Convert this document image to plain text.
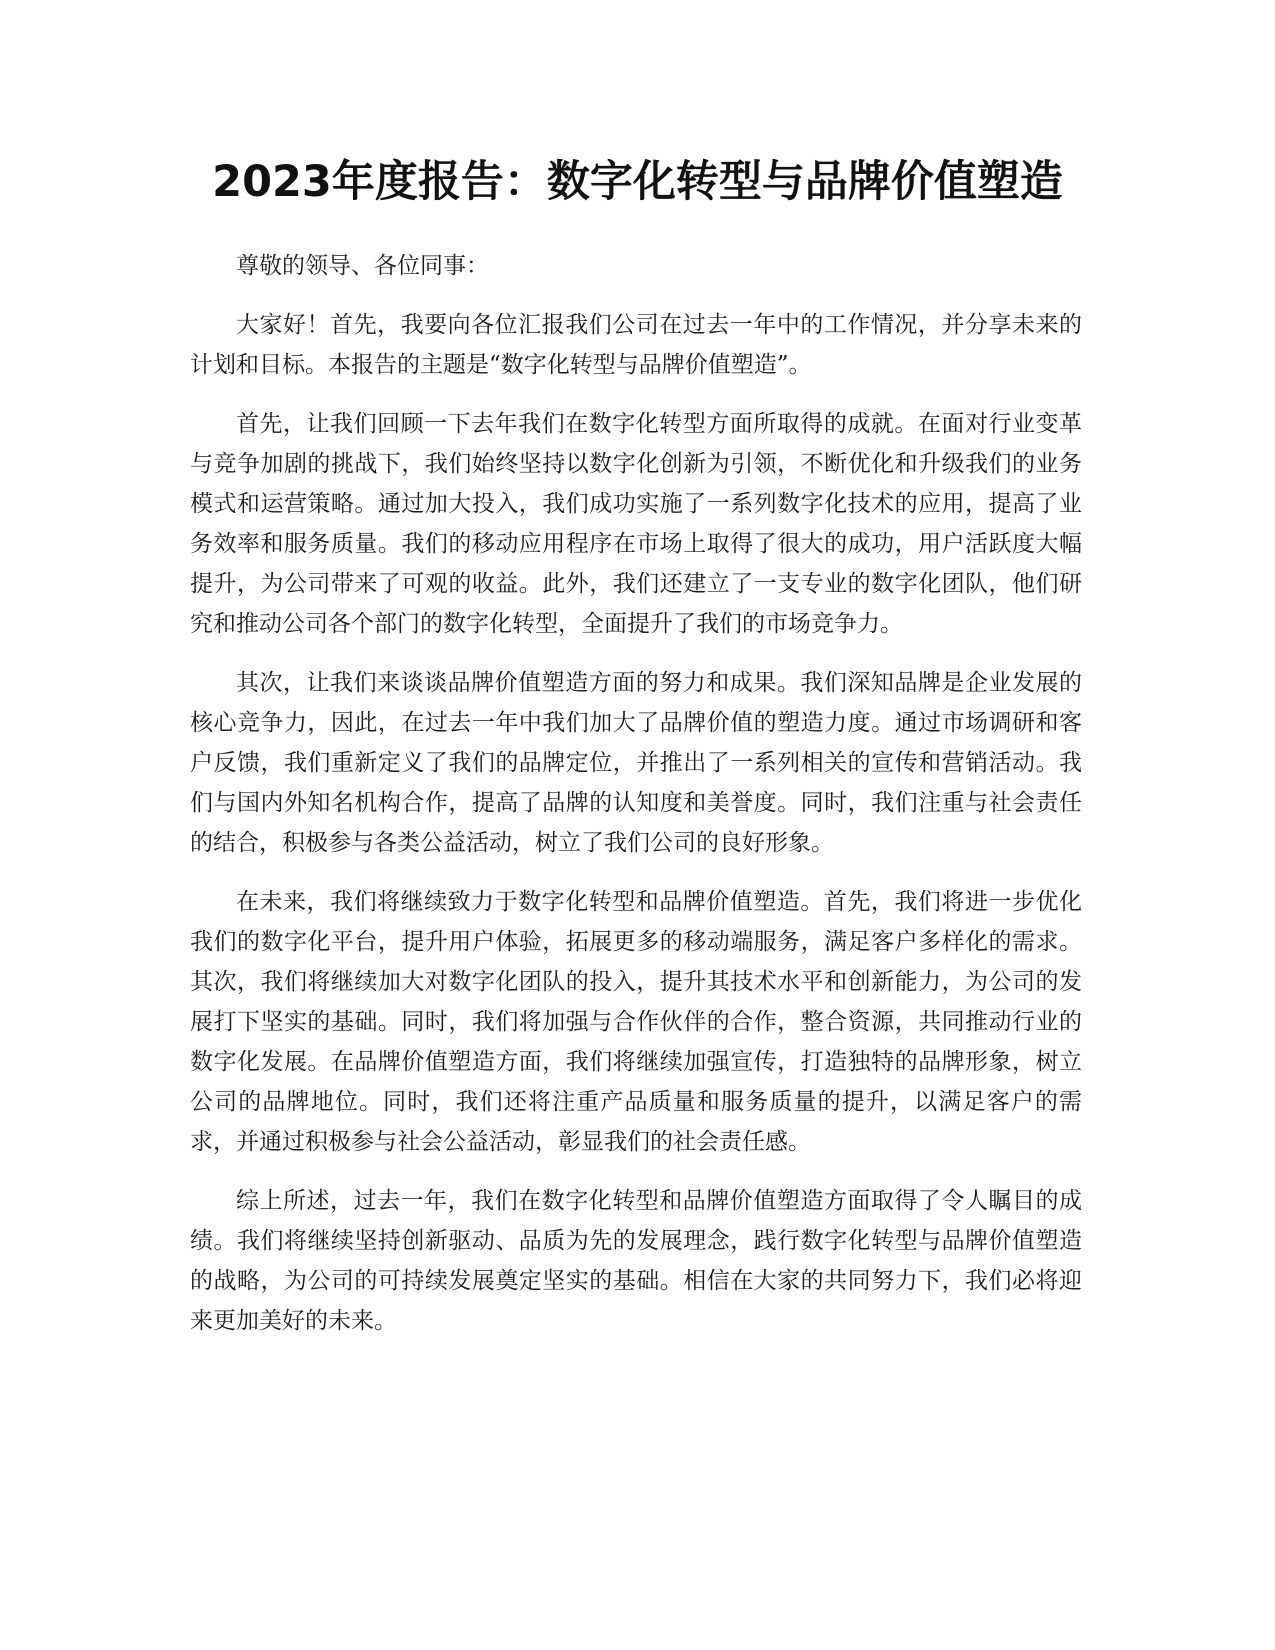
2023年度报告：数字化转型与品牌价值塑造

尊敬的领导、各位同事：

大家好！首先，我要向各位汇报我们公司在过去一年中的工作情况，并分享未来的计划和目标。本报告的主题是“数字化转型与品牌价值塑造”。

首先，让我们回顾一下去年我们在数字化转型方面所取得的成就。在面对行业变革与竞争加剧的挑战下，我们始终坚持以数字化创新为引领，不断优化和升级我们的业务模式和运营策略。通过加大投入，我们成功实施了一系列数字化技术的应用，提高了业务效率和服务质量。我们的移动应用程序在市场上取得了很大的成功，用户活跃度大幅提升，为公司带来了可观的收益。此外，我们还建立了一支专业的数字化团队，他们研究和推动公司各个部门的数字化转型，全面提升了我们的市场竞争力。

其次，让我们来谈谈品牌价值塑造方面的努力和成果。我们深知品牌是企业发展的核心竞争力，因此，在过去一年中我们加大了品牌价值的塑造力度。通过市场调研和客户反馈，我们重新定义了我们的品牌定位，并推出了一系列相关的宣传和营销活动。我们与国内外知名机构合作，提高了品牌的认知度和美誉度。同时，我们注重与社会责任的结合，积极参与各类公益活动，树立了我们公司的良好形象。

在未来，我们将继续致力于数字化转型和品牌价值塑造。首先，我们将进一步优化我们的数字化平台，提升用户体验，拓展更多的移动端服务，满足客户多样化的需求。其次，我们将继续加大对数字化团队的投入，提升其技术水平和创新能力，为公司的发展打下坚实的基础。同时，我们将加强与合作伙伴的合作，整合资源，共同推动行业的数字化发展。在品牌价值塑造方面，我们将继续加强宣传，打造独特的品牌形象，树立公司的品牌地位。同时，我们还将注重产品质量和服务质量的提升，以满足客户的需求，并通过积极参与社会公益活动，彰显我们的社会责任感。

综上所述，过去一年，我们在数字化转型和品牌价值塑造方面取得了令人瞩目的成绩。我们将继续坚持创新驱动、品质为先的发展理念，践行数字化转型与品牌价值塑造的战略，为公司的可持续发展奠定坚实的基础。相信在大家的共同努力下，我们必将迎来更加美好的未来。
